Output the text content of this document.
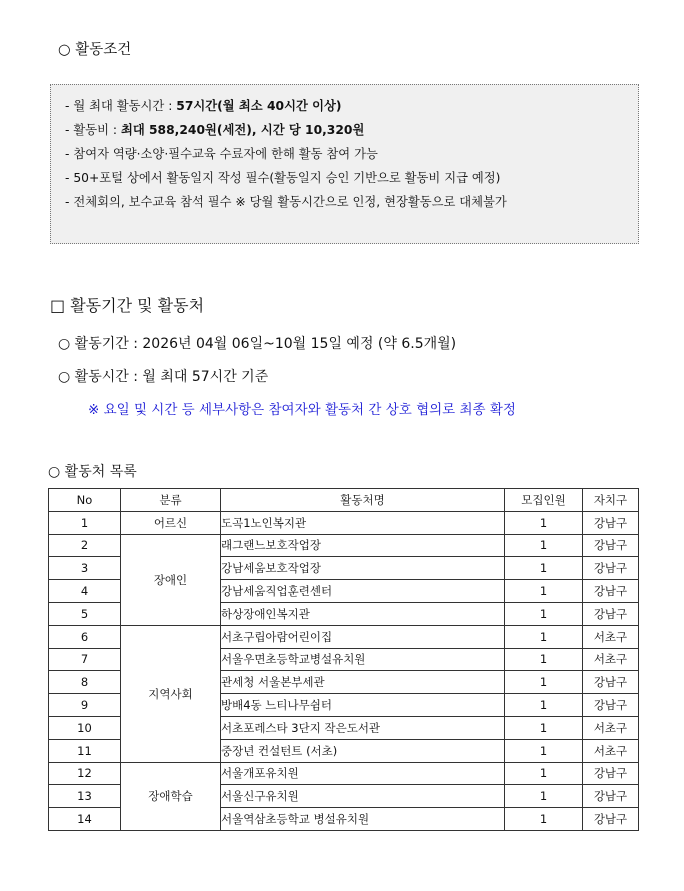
○ 활동조건
- 월 최대 활동시간 : 57시간(월 최소 40시간 이상)
- 활동비 : 최대 588,240원(세전), 시간 당 10,320원
- 참여자 역량·소양·필수교육 수료자에 한해 활동 참여 가능
- 50+포털 상에서 활동일지 작성 필수(활동일지 승인 기반으로 활동비 지급 예정)
- 전체회의, 보수교육 참석 필수 ※ 당월 활동시간으로 인정, 현장활동으로 대체불가
□ 활동기간 및 활동처
○ 활동기간 : 2026년 04월 06일~10월 15일 예정 (약 6.5개월)
○ 활동시간 : 월 최대 57시간 기준
※ 요일 및 시간 등 세부사항은 참여자와 활동처 간 상호 협의로 최종 확정
○ 활동처 목록
No	분류	활동처명	모집인원	자치구
1	어르신	도곡1노인복지관	1	강남구
2	장애인	래그랜느보호작업장	1	강남구
3		강남세움보호작업장	1	강남구
4		강남세움직업훈련센터	1	강남구
5		하상장애인복지관	1	강남구
6	지역사회	서초구립아람어린이집	1	서초구
7		서울우면초등학교병설유치원	1	서초구
8		관세청 서울본부세관	1	강남구
9		방배4동 느티나무쉼터	1	강남구
10		서초포레스타 3단지 작은도서관	1	서초구
11		중장년 컨설턴트 (서초)	1	서초구
12	장애학습	서울개포유치원	1	강남구
13		서울신구유치원	1	강남구
14		서울역삼초등학교 병설유치원	1	강남구
